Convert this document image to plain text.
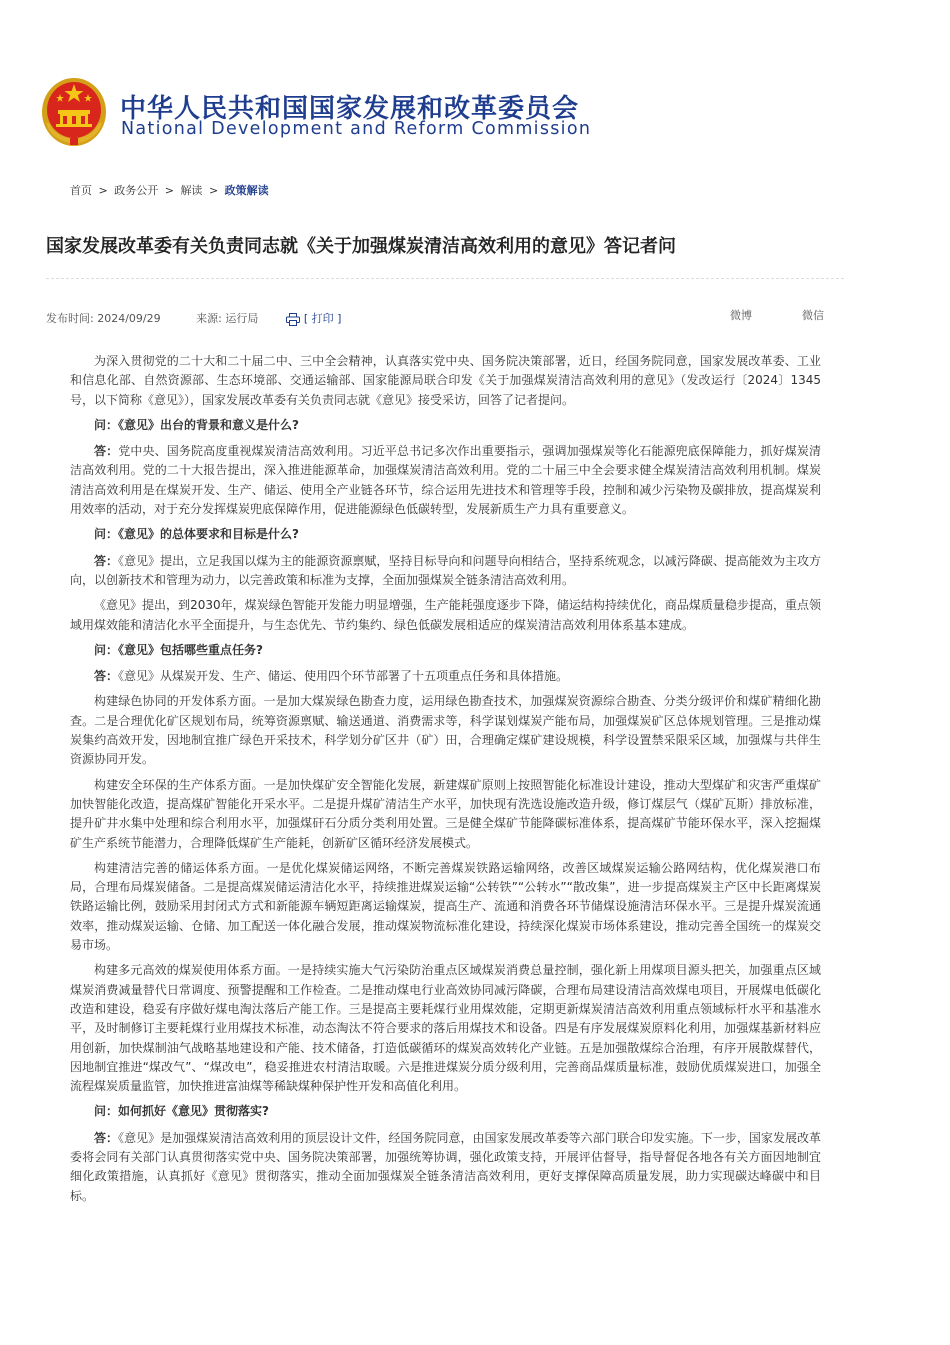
中华人民共和国国家发展和改革委员会
National Development and Reform Commission
首页 > 政务公开 > 解读 > 政策解读
国家发展改革委有关负责同志就《关于加强煤炭清洁高效利用的意见》答记者问
发布时间: 2024/09/29	来源: 运行局	[ 打印 ]	微博	微信

为深入贯彻党的二十大和二十届二中、三中全会精神，认真落实党中央、国务院决策部署，近日，经国务院同意，国家发展改革委、工业和信息化部、自然资源部、生态环境部、交通运输部、国家能源局联合印发《关于加强煤炭清洁高效利用的意见》（发改运行〔2024〕1345号，以下简称《意见》），国家发展改革委有关负责同志就《意见》接受采访，回答了记者提问。

问：《意见》出台的背景和意义是什么?

答：党中央、国务院高度重视煤炭清洁高效利用。习近平总书记多次作出重要指示，强调加强煤炭等化石能源兜底保障能力，抓好煤炭清洁高效利用。党的二十大报告提出，深入推进能源革命，加强煤炭清洁高效利用。党的二十届三中全会要求健全煤炭清洁高效利用机制。煤炭清洁高效利用是在煤炭开发、生产、储运、使用全产业链各环节，综合运用先进技术和管理等手段，控制和减少污染物及碳排放，提高煤炭利用效率的活动，对于充分发挥煤炭兜底保障作用，促进能源绿色低碳转型，发展新质生产力具有重要意义。

问：《意见》的总体要求和目标是什么?

答：《意见》提出，立足我国以煤为主的能源资源禀赋，坚持目标导向和问题导向相结合，坚持系统观念，以减污降碳、提高能效为主攻方向，以创新技术和管理为动力，以完善政策和标准为支撑，全面加强煤炭全链条清洁高效利用。

《意见》提出，到2030年，煤炭绿色智能开发能力明显增强，生产能耗强度逐步下降，储运结构持续优化，商品煤质量稳步提高，重点领域用煤效能和清洁化水平全面提升，与生态优先、节约集约、绿色低碳发展相适应的煤炭清洁高效利用体系基本建成。

问：《意见》包括哪些重点任务?

答：《意见》从煤炭开发、生产、储运、使用四个环节部署了十五项重点任务和具体措施。

构建绿色协同的开发体系方面。一是加大煤炭绿色勘查力度，运用绿色勘查技术，加强煤炭资源综合勘查、分类分级评价和煤矿精细化勘查。二是合理优化矿区规划布局，统筹资源禀赋、输送通道、消费需求等，科学谋划煤炭产能布局，加强煤炭矿区总体规划管理。三是推动煤炭集约高效开发，因地制宜推广绿色开采技术，科学划分矿区井（矿）田，合理确定煤矿建设规模，科学设置禁采限采区域，加强煤与共伴生资源协同开发。

构建安全环保的生产体系方面。一是加快煤矿安全智能化发展，新建煤矿原则上按照智能化标准设计建设，推动大型煤矿和灾害严重煤矿加快智能化改造，提高煤矿智能化开采水平。二是提升煤矿清洁生产水平，加快现有洗选设施改造升级，修订煤层气（煤矿瓦斯）排放标准，提升矿井水集中处理和综合利用水平，加强煤矸石分质分类利用处置。三是健全煤矿节能降碳标准体系，提高煤矿节能环保水平，深入挖掘煤矿生产系统节能潜力，合理降低煤矿生产能耗，创新矿区循环经济发展模式。

构建清洁完善的储运体系方面。一是优化煤炭储运网络，不断完善煤炭铁路运输网络，改善区域煤炭运输公路网结构，优化煤炭港口布局，合理布局煤炭储备。二是提高煤炭储运清洁化水平，持续推进煤炭运输“公转铁”“公转水”“散改集”，进一步提高煤炭主产区中长距离煤炭铁路运输比例，鼓励采用封闭式方式和新能源车辆短距离运输煤炭，提高生产、流通和消费各环节储煤设施清洁环保水平。三是提升煤炭流通效率，推动煤炭运输、仓储、加工配送一体化融合发展，推动煤炭物流标准化建设，持续深化煤炭市场体系建设，推动完善全国统一的煤炭交易市场。

构建多元高效的煤炭使用体系方面。一是持续实施大气污染防治重点区域煤炭消费总量控制，强化新上用煤项目源头把关，加强重点区域煤炭消费减量替代日常调度、预警提醒和工作检查。二是推动煤电行业高效协同减污降碳，合理布局建设清洁高效煤电项目，开展煤电低碳化改造和建设，稳妥有序做好煤电淘汰落后产能工作。三是提高主要耗煤行业用煤效能，定期更新煤炭清洁高效利用重点领域标杆水平和基准水平，及时制修订主要耗煤行业用煤技术标准，动态淘汰不符合要求的落后用煤技术和设备。四是有序发展煤炭原料化利用，加强煤基新材料应用创新，加快煤制油气战略基地建设和产能、技术储备，打造低碳循环的煤炭高效转化产业链。五是加强散煤综合治理，有序开展散煤替代，因地制宜推进“煤改气”、“煤改电”，稳妥推进农村清洁取暖。六是推进煤炭分质分级利用，完善商品煤质量标准，鼓励优质煤炭进口，加强全流程煤炭质量监管，加快推进富油煤等稀缺煤种保护性开发和高值化利用。

问：如何抓好《意见》贯彻落实?

答：《意见》是加强煤炭清洁高效利用的顶层设计文件，经国务院同意，由国家发展改革委等六部门联合印发实施。下一步，国家发展改革委将会同有关部门认真贯彻落实党中央、国务院决策部署，加强统筹协调，强化政策支持，开展评估督导，指导督促各地各有关方面因地制宜细化政策措施，认真抓好《意见》贯彻落实，推动全面加强煤炭全链条清洁高效利用，更好支撑保障高质量发展，助力实现碳达峰碳中和目标。
